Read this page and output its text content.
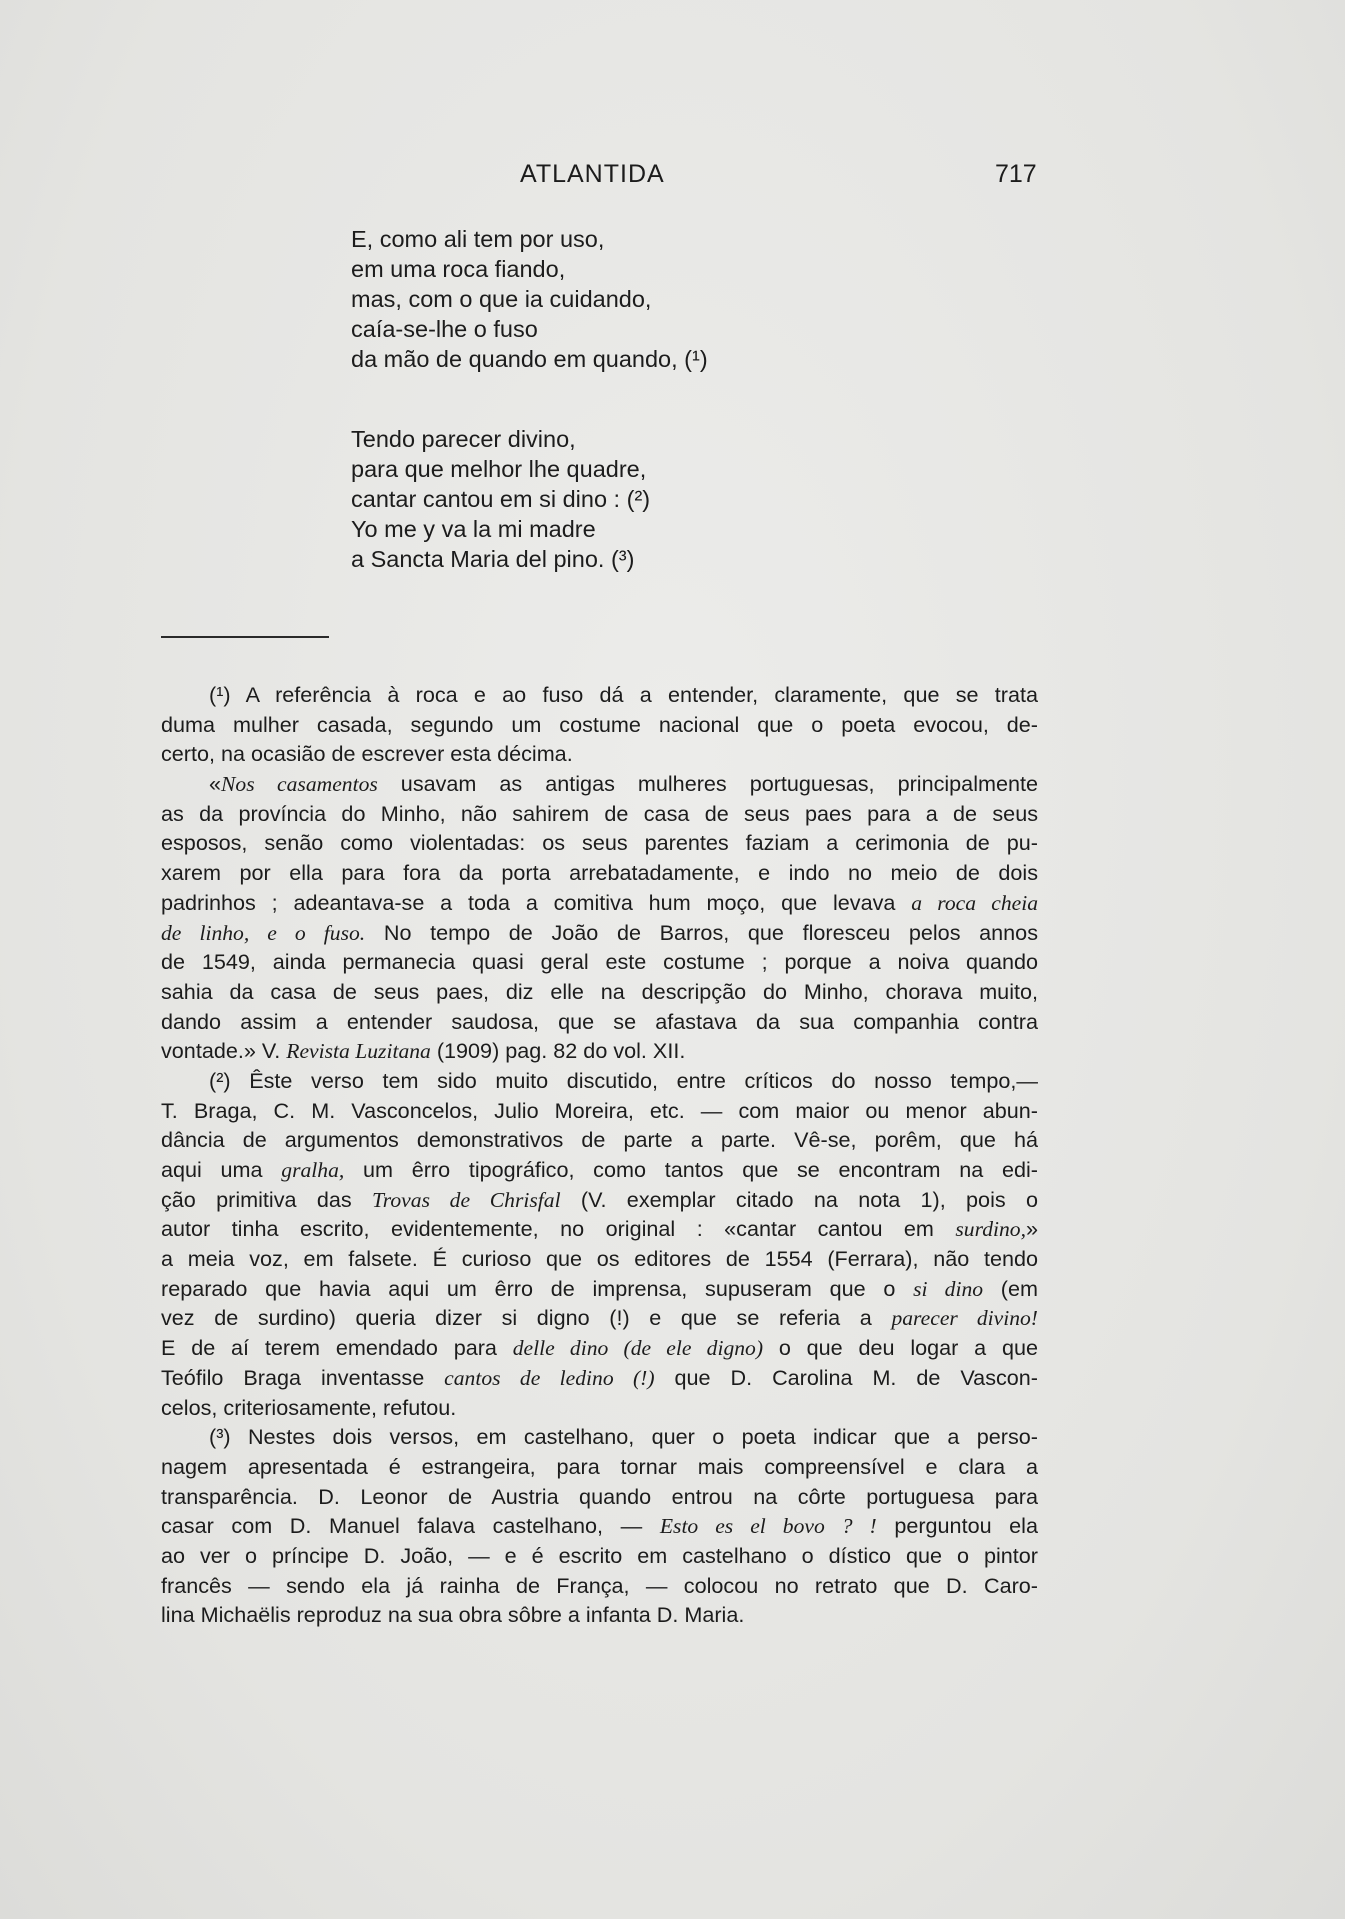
ATLANTIDA	717
E, como ali tem por uso,
em uma roca fiando,
mas, com o que ia cuidando,
caía-se-lhe o fuso
da mão de quando em quando, (¹)
Tendo parecer divino,
para que melhor lhe quadre,
cantar cantou em si dino : (²)
Yo me y va la mi madre
a Sancta Maria del pino. (³)
(¹) A referência à roca e ao fuso dá a entender, claramente, que se trata
duma mulher casada, segundo um costume nacional que o poeta evocou, de-
certo, na ocasião de escrever esta décima.
«Nos casamentos usavam as antigas mulheres portuguesas, principalmente
as da província do Minho, não sahirem de casa de seus paes para a de seus
esposos, senão como violentadas: os seus parentes faziam a cerimonia de pu-
xarem por ella para fora da porta arrebatadamente, e indo no meio de dois
padrinhos ; adeantava-se a toda a comitiva hum moço, que levava a roca cheia
de linho, e o fuso. No tempo de João de Barros, que floresceu pelos annos
de 1549, ainda permanecia quasi geral este costume ; porque a noiva quando
sahia da casa de seus paes, diz elle na descripção do Minho, chorava muito,
dando assim a entender saudosa, que se afastava da sua companhia contra
vontade.» V. Revista Luzitana (1909) pag. 82 do vol. XII.
(²) Êste verso tem sido muito discutido, entre críticos do nosso tempo,—
T. Braga, C. M. Vasconcelos, Julio Moreira, etc. — com maior ou menor abun-
dância de argumentos demonstrativos de parte a parte. Vê-se, porêm, que há
aqui uma gralha, um êrro tipográfico, como tantos que se encontram na edi-
ção primitiva das Trovas de Chrisfal (V. exemplar citado na nota 1), pois o
autor tinha escrito, evidentemente, no original : «cantar cantou em surdino,»
a meia voz, em falsete. É curioso que os editores de 1554 (Ferrara), não tendo
reparado que havia aqui um êrro de imprensa, supuseram que o si dino (em
vez de surdino) queria dizer si digno (!) e que se referia a parecer divino!
E de aí terem emendado para delle dino (de ele digno) o que deu logar a que
Teófilo Braga inventasse cantos de ledino (!) que D. Carolina M. de Vascon-
celos, criteriosamente, refutou.
(³) Nestes dois versos, em castelhano, quer o poeta indicar que a perso-
nagem apresentada é estrangeira, para tornar mais compreensível e clara a
transparência. D. Leonor de Austria quando entrou na côrte portuguesa para
casar com D. Manuel falava castelhano, — Esto es el bovo ? ! perguntou ela
ao ver o príncipe D. João, — e é escrito em castelhano o dístico que o pintor
francês — sendo ela já rainha de França, — colocou no retrato que D. Caro-
lina Michaëlis reproduz na sua obra sôbre a infanta D. Maria.
